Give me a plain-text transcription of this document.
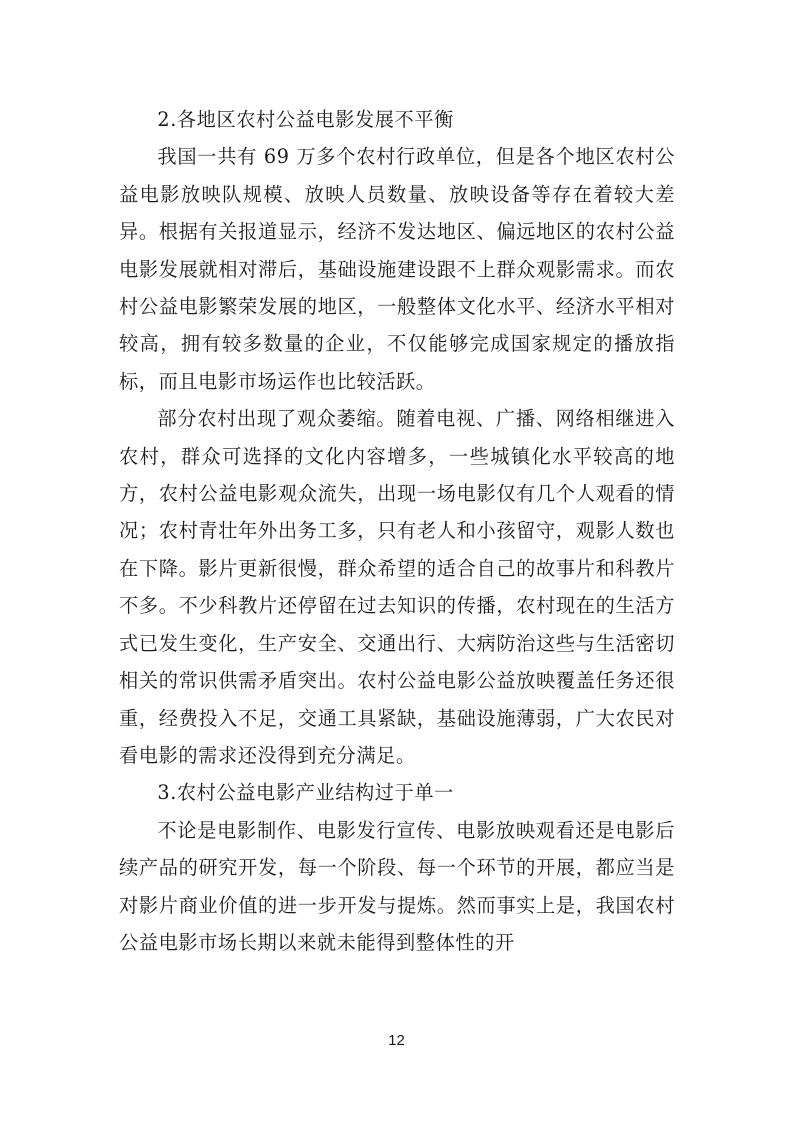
2.各地区农村公益电影发展不平衡

我国一共有 69 万多个农村行政单位，但是各个地区农村公益电影放映队规模、放映人员数量、放映设备等存在着较大差异。根据有关报道显示，经济不发达地区、偏远地区的农村公益电影发展就相对滞后，基础设施建设跟不上群众观影需求。而农村公益电影繁荣发展的地区，一般整体文化水平、经济水平相对较高，拥有较多数量的企业，不仅能够完成国家规定的播放指标，而且电影市场运作也比较活跃。

部分农村出现了观众萎缩。随着电视、广播、网络相继进入农村，群众可选择的文化内容增多，一些城镇化水平较高的地方，农村公益电影观众流失，出现一场电影仅有几个人观看的情况；农村青壮年外出务工多，只有老人和小孩留守，观影人数也在下降。影片更新很慢，群众希望的适合自己的故事片和科教片不多。不少科教片还停留在过去知识的传播，农村现在的生活方式已发生变化，生产安全、交通出行、大病防治这些与生活密切相关的常识供需矛盾突出。农村公益电影公益放映覆盖任务还很重，经费投入不足，交通工具紧缺，基础设施薄弱，广大农民对看电影的需求还没得到充分满足。

3.农村公益电影产业结构过于单一

不论是电影制作、电影发行宣传、电影放映观看还是电影后续产品的研究开发，每一个阶段、每一个环节的开展，都应当是对影片商业价值的进一步开发与提炼。然而事实上是，我国农村公益电影市场长期以来就未能得到整体性的开

12
